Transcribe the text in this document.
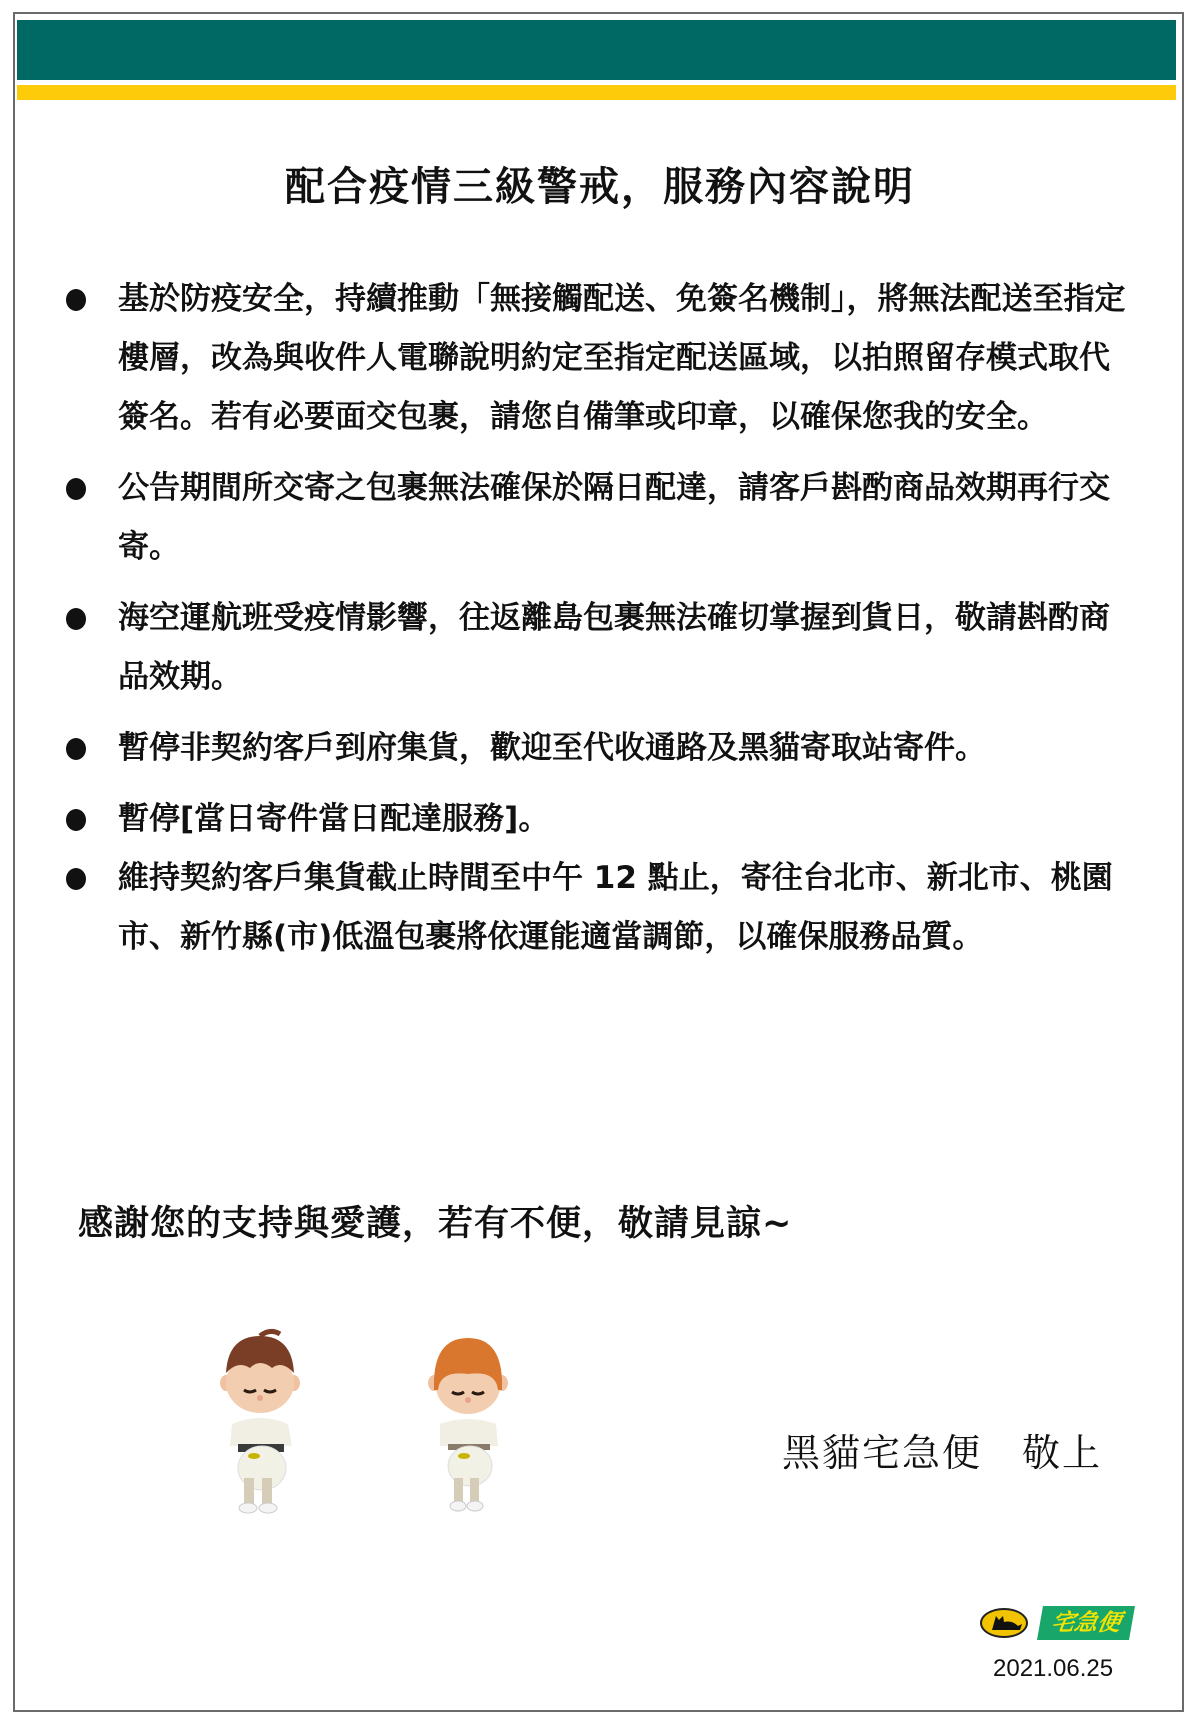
配合疫情三級警戒，服務內容說明
基於防疫安全，持續推動「無接觸配送、免簽名機制」，將無法配送至指定樓層，改為與收件人電聯說明約定至指定配送區域，以拍照留存模式取代簽名。若有必要面交包裹，請您自備筆或印章，以確保您我的安全。
公告期間所交寄之包裹無法確保於隔日配達，請客戶斟酌商品效期再行交寄。
海空運航班受疫情影響，往返離島包裹無法確切掌握到貨日，敬請斟酌商品效期。
暫停非契約客戶到府集貨，歡迎至代收通路及黑貓寄取站寄件。
暫停[當日寄件當日配達服務]。
維持契約客戶集貨截止時間至中午 12 點止，寄往台北市、新北市、桃園市、新竹縣(市)低溫包裹將依運能適當調節，以確保服務品質。
感謝您的支持與愛護，若有不便，敬請見諒~
黑貓宅急便 敬上
宅急便
2021.06.25
